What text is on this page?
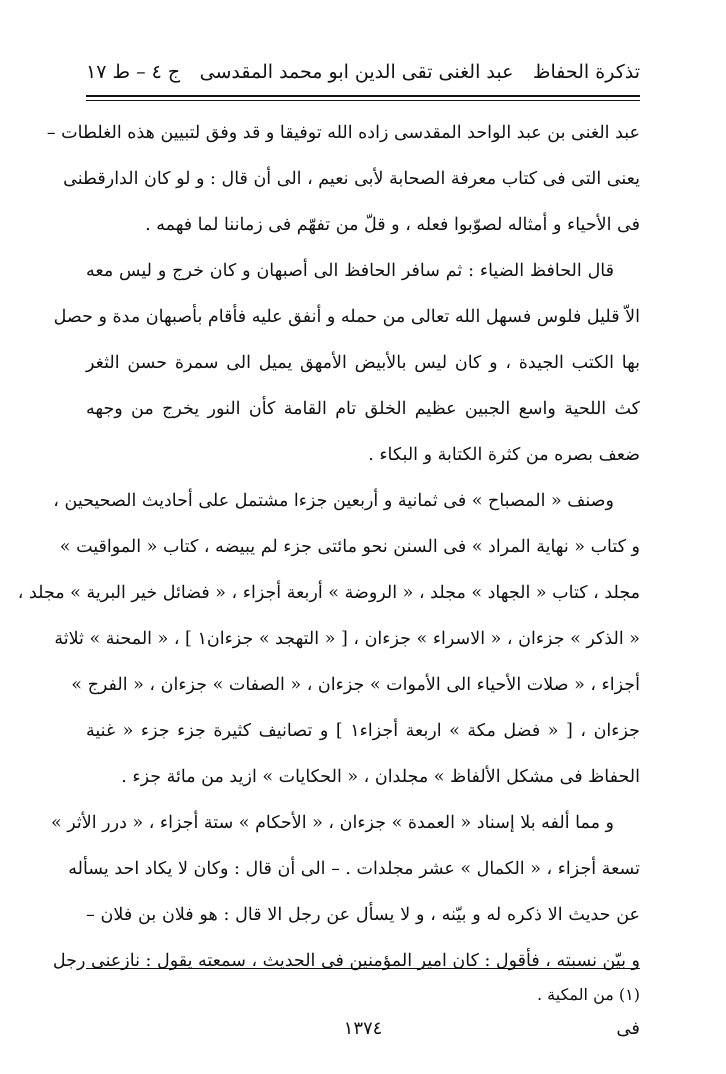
تذكرة الحفاظ
عبد الغنى تقى الدين ابو محمد المقدسى
ج ٤ – ط ١٧
عبد الغنى بن عبد الواحد المقدسى زاده الله توفيقا و قد وفق لتبيين هذه الغلطات –
يعنى التى فى كتاب معرفة الصحابة لأبى نعيم ، الى أن قال : و لو كان الدارقطنى
فى الأحياء و أمثاله لصوّبوا فعله ، و قلّ من تفهّم فى زماننا لما فهمه .
قال الحافظ الضياء : ثم سافر الحافظ الى أصبهان و كان خرج و ليس معه
الاّ قليل فلوس فسهل الله تعالى من حمله و أنفق عليه فأقام بأصبهان مدة و حصل
بها الكتب الجيدة ، و كان ليس بالأبيض الأمهق يميل الى سمرة حسن الثغر
كث اللحية واسع الجبين عظيم الخلق تام القامة كأن النور يخرج من وجهه
ضعف بصره من كثرة الكتابة و البكاء .
وصنف « المصباح » فى ثمانية و أربعين جزءا مشتمل على أحاديث الصحيحين ،
و كتاب « نهاية المراد » فى السنن نحو مائتى جزء لم يبيضه ، كتاب « المواقيت »
مجلد ، كتاب « الجهاد » مجلد ، « الروضة » أربعة أجزاء ، « فضائل خير البرية » مجلد ،
« الذكر » جزءان ، « الاسراء » جزءان ، [ « التهجد » جزءان١ ] ، « المحنة » ثلاثة
أجزاء ، « صلات الأحياء الى الأموات » جزءان ، « الصفات » جزءان ، « الفرج »
جزءان ، [ « فضل مكة » اربعة أجزاء١ ] و تصانيف كثيرة جزء جزء « غنية
الحفاظ فى مشكل الألفاظ » مجلدان ، « الحكايات » ازيد من مائة جزء .
و مما ألفه بلا إسناد « العمدة » جزءان ، « الأحكام » ستة أجزاء ، « درر الأثر »
تسعة أجزاء ، « الكمال » عشر مجلدات . – الى أن قال : وكان لا يكاد احد يسأله
عن حديث الا ذكره له و بيّنه ، و لا يسأل عن رجل الا قال : هو فلان بن فلان –
و بيّن نسبته ، فأقول : كان امير المؤمنين فى الحديث ، سمعته يقول : نازعنى رجل
(١) من المكية .
١٣٧٤	فى
